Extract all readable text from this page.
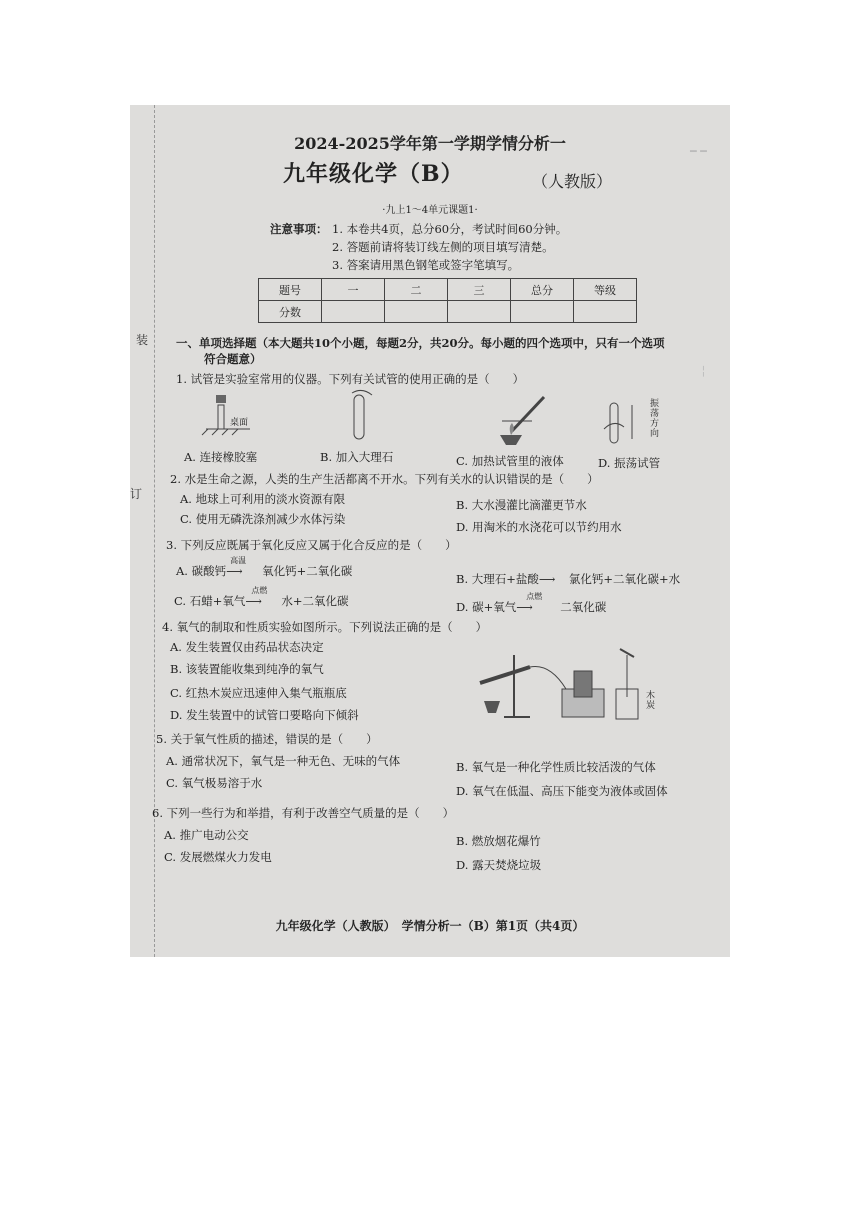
━ ━
╎
装
订
2024-2025学年第一学期学情分析一
九年级化学（B）	（人教版）
·九上1～4单元课题1·
注意事项： 1. 本卷共4页，总分60分，考试时间60分钟。
2. 答题前请将装订线左侧的项目填写清楚。
3. 答案请用黑色钢笔或签字笔填写。
题号	一	二	三	总分	等级
分数					
一、单项选择题（本大题共10个小题，每题2分，共20分。每小题的四个选项中，只有一个选项
符合题意）
1. 试管是实验室常用的仪器。下列有关试管的使用正确的是（　　）
桌面
振荡方向
A. 连接橡胶塞	B. 加入大理石	C. 加热试管里的液体	D. 振荡试管
2. 水是生命之源，人类的生产生活都离不开水。下列有关水的认识错误的是（　　）
A. 地球上可利用的淡水资源有限	B. 大水漫灌比滴灌更节水
C. 使用无磷洗涤剂减少水体污染
D. 用淘米的水浇花可以节约用水
3. 下列反应既属于氧化反应又属于化合反应的是（　　）
A. 碳酸钙
高温
⟶ 氧化钙+二氧化碳
B. 大理石+盐酸⟶ 氯化钙+二氧化碳+水
C. 石蜡+氧气
点燃
⟶ 水+二氧化碳	D. 碳+氧气
点燃
⟶ 二氧化碳
4. 氧气的制取和性质实验如图所示。下列说法正确的是（　　）
A. 发生装置仅由药品状态决定
B. 该装置能收集到纯净的氧气
C. 红热木炭应迅速伸入集气瓶瓶底
D. 发生装置中的试管口要略向下倾斜
木炭
5. 关于氧气性质的描述，错误的是（　　）
A. 通常状况下，氧气是一种无色、无味的气体	B. 氧气是一种化学性质比较活泼的气体
C. 氧气极易溶于水
D. 氧气在低温、高压下能变为液体或固体
6. 下列一些行为和举措，有利于改善空气质量的是（　　）
A. 推广电动公交	B. 燃放烟花爆竹
C. 发展燃煤火力发电
D. 露天焚烧垃圾
九年级化学（人教版）　学情分析一（B）第1页（共4页）
